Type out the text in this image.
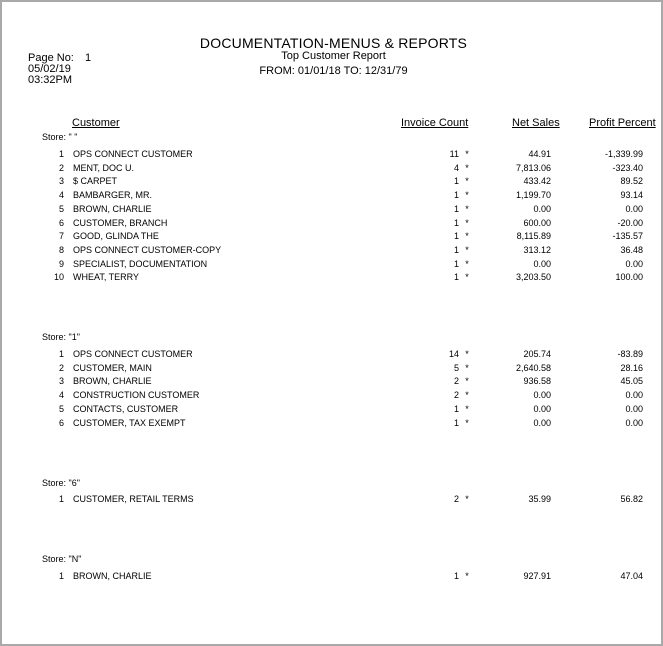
DOCUMENTATION-MENUS & REPORTS
Top Customer Report
FROM: 01/01/18 TO: 12/31/79
Page No: 1
05/02/19
03:32PM
Customer	Invoice Count	Net Sales	Profit Percent
Store: " "
1 OPS CONNECT CUSTOMER	11 *	44.91	-1,339.99
2 MENT, DOC U.	4 *	7,813.06	-323.40
3 $ CARPET	1 *	433.42	89.52
4 BAMBARGER, MR.	1 *	1,199.70	93.14
5 BROWN, CHARLIE	1 *	0.00	0.00
6 CUSTOMER, BRANCH	1 *	600.00	-20.00
7 GOOD, GLINDA THE	1 *	8,115.89	-135.57
8 OPS CONNECT CUSTOMER-COPY	1 *	313.12	36.48
9 SPECIALIST, DOCUMENTATION	1 *	0.00	0.00
10 WHEAT, TERRY	1 *	3,203.50	100.00
Store: "1"
1 OPS CONNECT CUSTOMER	14 *	205.74	-83.89
2 CUSTOMER, MAIN	5 *	2,640.58	28.16
3 BROWN, CHARLIE	2 *	936.58	45.05
4 CONSTRUCTION CUSTOMER	2 *	0.00	0.00
5 CONTACTS, CUSTOMER	1 *	0.00	0.00
6 CUSTOMER, TAX EXEMPT	1 *	0.00	0.00
Store: "6"
1 CUSTOMER, RETAIL TERMS	2 *	35.99	56.82
Store: "N"
1 BROWN, CHARLIE	1 *	927.91	47.04
